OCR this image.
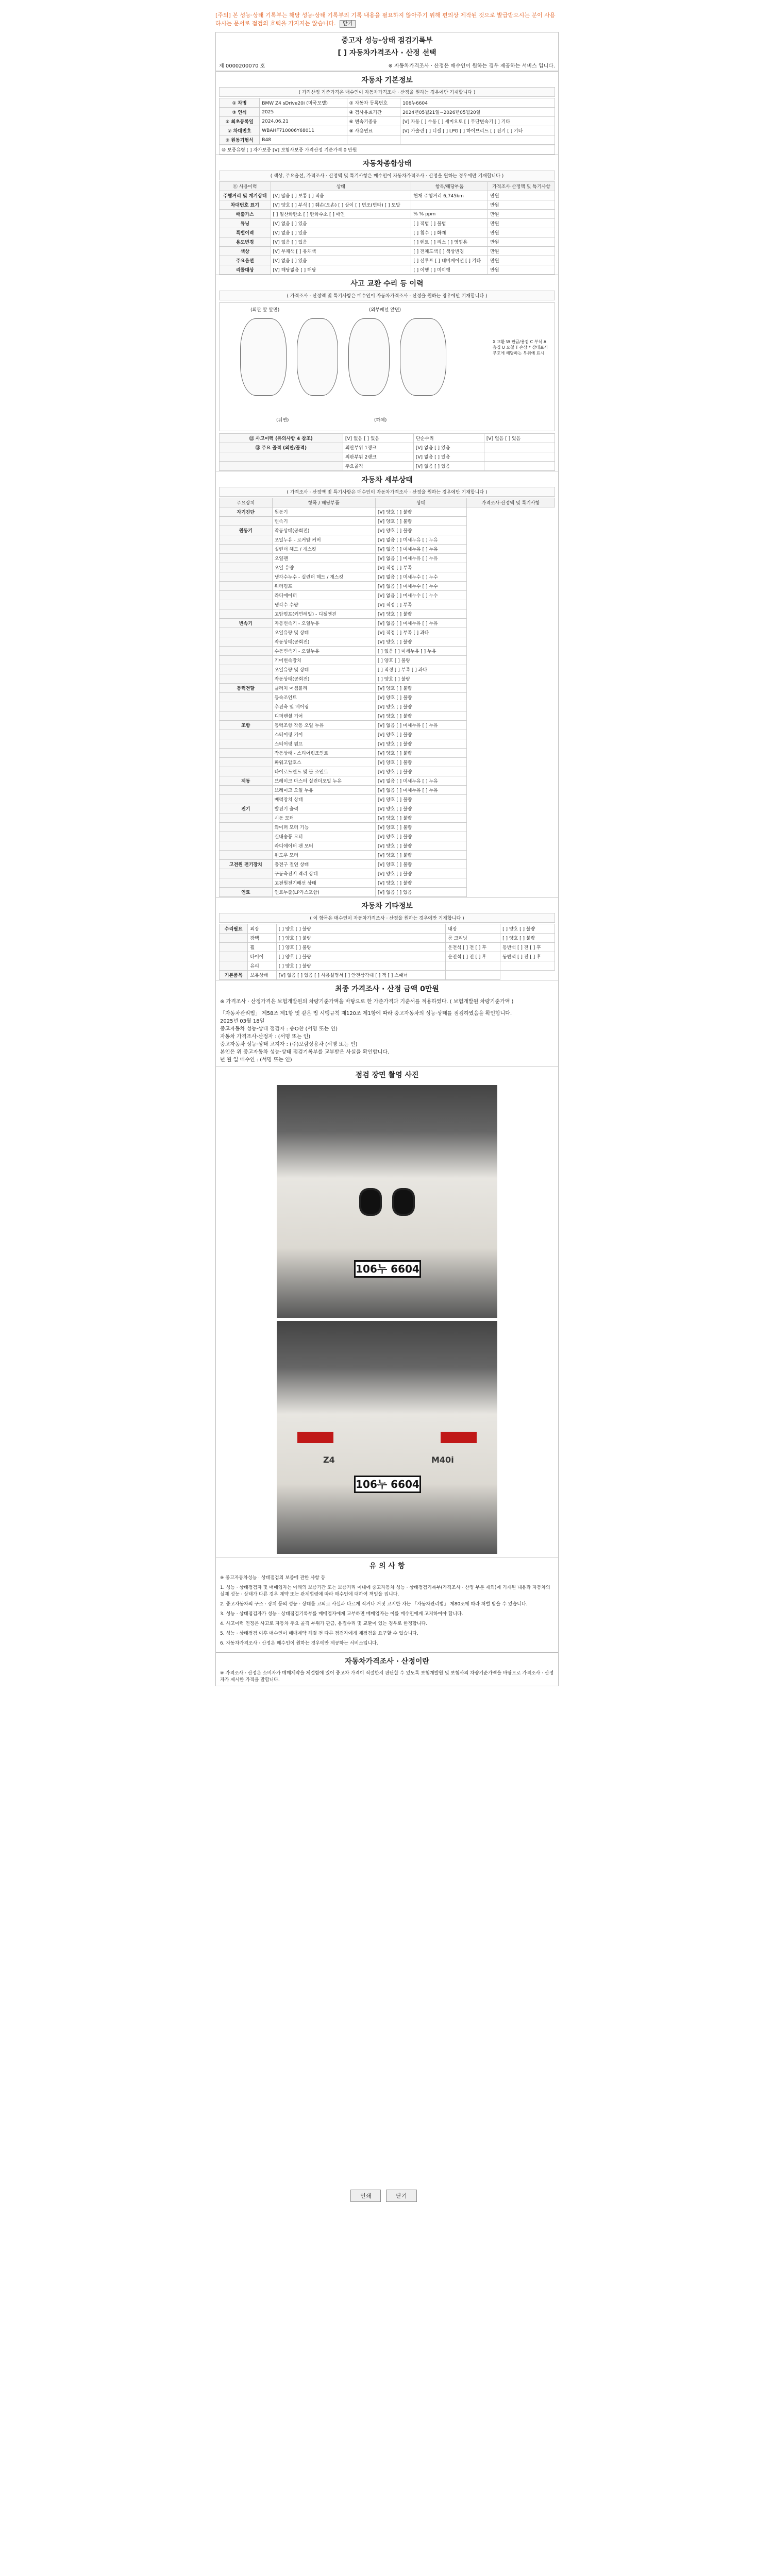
[주의] 본 성능·상태 기록부는 해당 성능·상태 기록부의 기록 내용을 필요하지 않아주기 위해 편의상 제작된 것으로 발급받으시는 분이 사용하시는 문서로 점검의 효력을 가지지는 않습니다. 닫기
중고자 성능·상태 점검기록부
[ ] 자동차가격조사 · 산정 선택
제 0000200070 호	※ 자동차가격조사 · 산정은 매수인이 원하는 경우 제공하는 서비스 입니다.
자동차 기본정보
( 가격산정 기준가격은 매수인이 자동차가격조사 · 산정을 원하는 경우에만 기재합니다 )
① 차명	BMW Z4 sDrive20i (미국모델)	② 자동차 등록번호	106누6604
③ 연식	2025	④ 검사유효기간	2024년05월21일~2026년05월20일
⑤ 최초등록일	2024.06.21	⑥ 변속기종류	[V] 자동 [ ] 수동 [ ] 세미오토 [ ] 무단변속기 [ ] 기타
⑦ 차대번호	WBAHF710006Y68011	⑧ 사용연료	[V] 가솔린 [ ] 디젤 [ ] LPG [ ] 하이브리드 [ ] 전기 [ ] 기타
⑨ 원동기형식	B48		
⑩ 보증유형 [ ] 자가보증 [V] 보험사보증 가격산정 기준가격 0 만원
자동차종합상태
( 색상, 주요옵션, 가격조사 · 산정액 및 특기사항은 매수인이 자동차가격조사 · 산정을 원하는 경우에만 기재합니다 )
⑪ 사용이력	상태	항목/해당부품	가격조사·산정액 및 특기사항
주행거리 및 계기상태	[V] 많음 [ ] 보통 [ ] 적음	현재 주행거리 6,745km	만원
차대번호 표기	[V] 양호 [ ] 부식 [ ] 훼손(오손) [ ] 상이 [ ] 변조(변타) [ ] 도말		만원
배출가스	[ ] 일산화탄소 [ ] 탄화수소 [ ] 매연	% % ppm	만원
튜닝	[V] 없음 [ ] 있음	[ ] 적법 [ ] 불법	만원
특별이력	[V] 없음 [ ] 있음	[ ] 침수 [ ] 화재	만원
용도변경	[V] 없음 [ ] 있음	[ ] 렌트 [ ] 리스 [ ] 영업용	만원
색상	[V] 무채색 [ ] 유채색	[ ] 전체도색 [ ] 색상변경	만원
주요옵션	[V] 없음 [ ] 있음	[ ] 선루프 [ ] 네비게이션 [ ] 기타	만원
리콜대상	[V] 해당없음 [ ] 해당	[ ] 이행 [ ] 미이행	만원
사고 교환 수리 등 이력
( 가격조사 · 산정액 및 특기사항은 매수인이 자동차가격조사 · 산정을 원하는 경우에만 기재합니다 )
(외판 앞 앞면)	(외부패널 앞면)
(뒤면)	(하체)
X 교환 W 판금/용접 C 부식 A 흠집 U 요철 T 손상 * 상태표시 부호에 해당하는 부위에 표시
⑫ 사고이력 (유의사항 4 참조)	[V] 없음 [ ] 있음	단순수리	[V] 없음 [ ] 있음
⑬ 주요 골격 (외판/골격)	외판부위 1랭크	[V] 없음 [ ] 있음	
	외판부위 2랭크	[V] 없음 [ ] 있음	
	주요골격	[V] 없음 [ ] 있음	
자동차 세부상태
( 가격조사 · 산정액 및 특기사항은 매수인이 자동차가격조사 · 산정을 원하는 경우에만 기재합니다 )
주요장치	항목 / 해당부품	상태	가격조사·산정액 및 특기사항
자기진단	원동기	[V] 양호 [ ] 불량	
	변속기	[V] 양호 [ ] 불량	
원동기	작동상태(공회전)	[V] 양호 [ ] 불량	
	오일누유 - 로커암 커버	[V] 없음 [ ] 미세누유 [ ] 누유	
	실린더 헤드 / 개스킷	[V] 없음 [ ] 미세누유 [ ] 누유	
	오일팬	[V] 없음 [ ] 미세누유 [ ] 누유	
	오일 유량	[V] 적정 [ ] 부족	
	냉각수누수 - 실린더 헤드 / 개스킷	[V] 없음 [ ] 미세누수 [ ] 누수	
	워터펌프	[V] 없음 [ ] 미세누수 [ ] 누수	
	라디에이터	[V] 없음 [ ] 미세누수 [ ] 누수	
	냉각수 수량	[V] 적정 [ ] 부족	
	고압펌프(커먼레일) - 디젤엔진	[V] 양호 [ ] 불량	
변속기	자동변속기 - 오일누유	[V] 없음 [ ] 미세누유 [ ] 누유	
	오일유량 및 상태	[V] 적정 [ ] 부족 [ ] 과다	
	작동상태(공회전)	[V] 양호 [ ] 불량	
	수동변속기 - 오일누유	[ ] 없음 [ ] 미세누유 [ ] 누유	
	기어변속장치	[ ] 양호 [ ] 불량	
	오일유량 및 상태	[ ] 적정 [ ] 부족 [ ] 과다	
	작동상태(공회전)	[ ] 양호 [ ] 불량	
동력전달	클러치 어셈블리	[V] 양호 [ ] 불량	
	등속조인트	[V] 양호 [ ] 불량	
	추진축 및 베어링	[V] 양호 [ ] 불량	
	디퍼렌셜 기어	[V] 양호 [ ] 불량	
조향	동력조향 작동 오일 누유	[V] 없음 [ ] 미세누유 [ ] 누유	
	스티어링 기어	[V] 양호 [ ] 불량	
	스티어링 펌프	[V] 양호 [ ] 불량	
	작동상태 - 스티어링조인트	[V] 양호 [ ] 불량	
	파워고압호스	[V] 양호 [ ] 불량	
	타이로드엔드 및 볼 조인트	[V] 양호 [ ] 불량	
제동	브레이크 마스터 실린더오일 누유	[V] 없음 [ ] 미세누유 [ ] 누유	
	브레이크 오일 누유	[V] 없음 [ ] 미세누유 [ ] 누유	
	배력장치 상태	[V] 양호 [ ] 불량	
전기	발전기 출력	[V] 양호 [ ] 불량	
	시동 모터	[V] 양호 [ ] 불량	
	와이퍼 모터 기능	[V] 양호 [ ] 불량	
	실내송풍 모터	[V] 양호 [ ] 불량	
	라디에이터 팬 모터	[V] 양호 [ ] 불량	
	윈도우 모터	[V] 양호 [ ] 불량	
고전원 전기장치	충전구 절연 상태	[V] 양호 [ ] 불량	
	구동축전지 격리 상태	[V] 양호 [ ] 불량	
	고전원전기배선 상태	[V] 양호 [ ] 불량	
연료	연료누출(LP가스포함)	[V] 없음 [ ] 있음	
자동차 기타정보
( 이 항목은 매수인이 자동차가격조사 · 산정을 원하는 경우에만 기재합니다 )
수리필요	외장	[ ] 양호 [ ] 불량	내장	[ ] 양호 [ ] 불량
	광택	[ ] 양호 [ ] 불량	룸 크리닝	[ ] 양호 [ ] 불량
	휠	[ ] 양호 [ ] 불량	운전석 [ ] 전 [ ] 후	동반석 [ ] 전 [ ] 후
	타이어	[ ] 양호 [ ] 불량	운전석 [ ] 전 [ ] 후	동반석 [ ] 전 [ ] 후
	유리	[ ] 양호 [ ] 불량		
기본품목	보유상태	[V] 없음 [ ] 있음 [ ] 사용설명서 [ ] 안전삼각대 [ ] 잭 [ ] 스패너		
최종 가격조사 · 산정 금액 0만원
※ 가격조사 · 산정가격은 보험개발원의 차량기준가액을 바탕으로 한 가준가격과 기준서를 적용하였다. ( 보험개발원 차량기준가액 )
「자동차관리법」 제58조 제1항 및 같은 법 시행규칙 제120조 제1항에 따라 중고자동차의 성능·상태를 점검하였음을 확인합니다.
2025년 03월 18일
중고자동차 성능·상태 점검자 : 송O찬 (서명 또는 인)
자동차 가격조사·산정자 : (서명 또는 인)
중고자동차 성능·상태 고지자 : (주)보람상용차 (서명 또는 인)
본인은 위 중고자동차 성능·상태 점검기록부를 교부받은 사실을 확인합니다.
년 월 일 매수인 : (서명 또는 인)
점검 장면 촬영 사진
106누 6604
Z4	M40i
106누 6604
유 의 사 항

※ 중고자동차성능 · 상태점검의 보증에 관한 사항 등

1. 성능 · 상태점검자 및 매매업자는 아래의 보증기간 또는 보증거리 이내에 중고자동차 성능 · 상태점검기록부(가격조사 · 산정 부분 제외)에 기재된 내용과 자동차의 실제 성능 · 상태가 다른 경우 계약 또는 관계법령에 따라 매수인에 대하여 책임을 집니다.

2. 중고자동차의 구조 · 장치 등의 성능 · 상태를 고의로 사실과 다르게 적거나 거짓 고지한 자는 「자동차관리법」 제80조에 따라 처벌 받을 수 있습니다.

3. 성능 · 상태점검자가 성능 · 상태점검기록부를 매매업자에게 교부하면 매매업자는 이를 매수인에게 고지하여야 합니다.

4. 사고이력 인정은 사고로 자동차 주요 골격 부위가 판금, 용접수리 및 교환이 있는 경우로 한정합니다.

5. 성능 · 상태점검 이후 매수인이 매매계약 체결 전 다른 점검자에게 재점검을 요구할 수 있습니다.

6. 자동차가격조사 · 산정은 매수인이 원하는 경우에만 제공하는 서비스입니다.

자동차가격조사 · 산정이란
※ 가격조사 · 산정은 소비자가 매매계약을 체결함에 있어 중고차 가격이 적절한지 판단할 수 있도록 보험개발원 및 보험사의 차량기준가액을 바탕으로 가격조사 · 산정자가 제시한 가격을 말합니다.
인쇄	닫기
